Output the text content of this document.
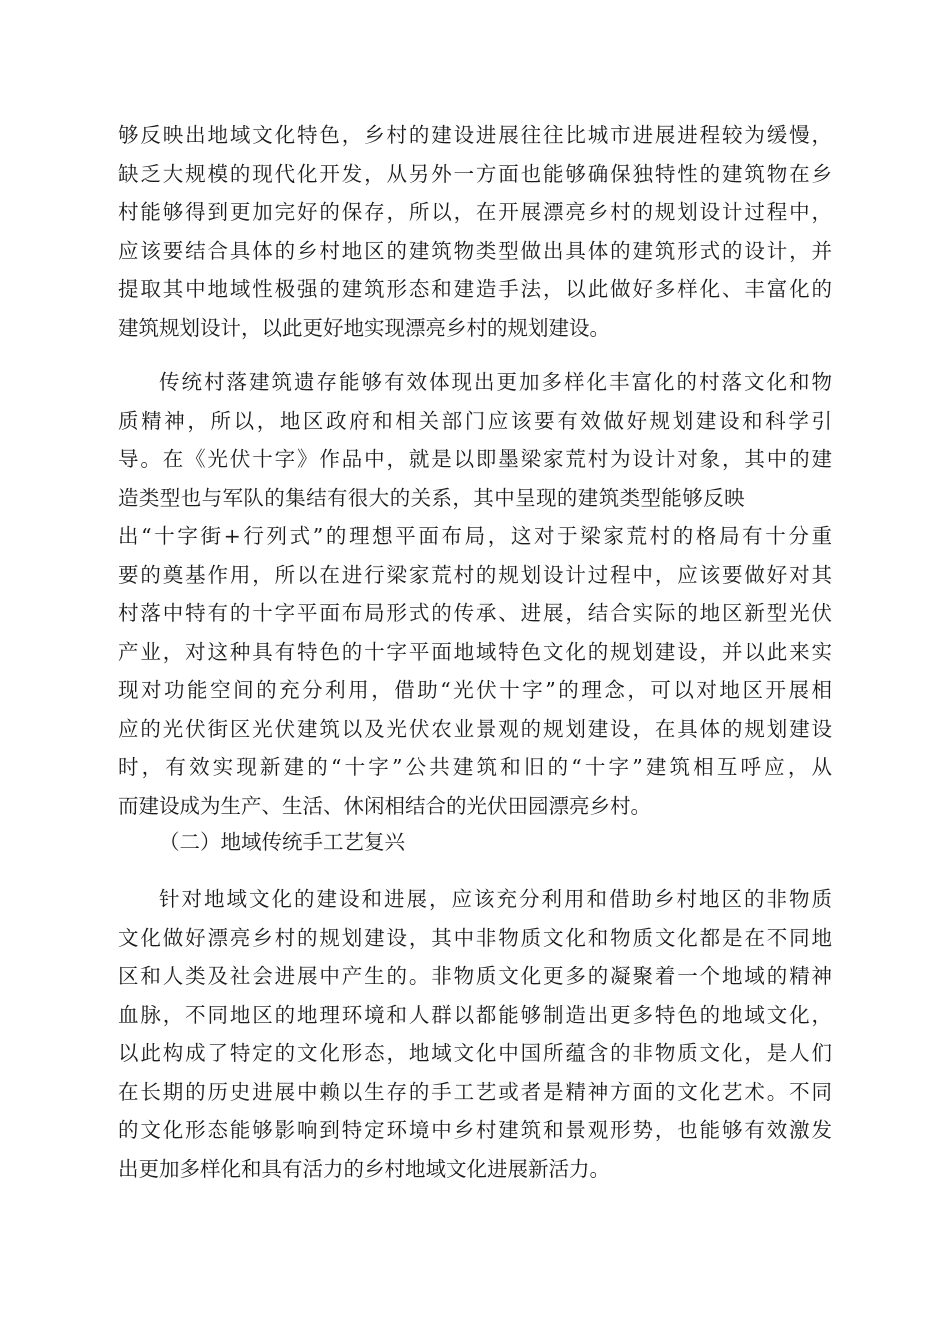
够反映出地域文化特色，乡村的建设进展往往比城市进展进程较为缓慢，
缺乏大规模的现代化开发，从另外一方面也能够确保独特性的建筑物在乡
村能够得到更加完好的保存，所以，在开展漂亮乡村的规划设计过程中，
应该要结合具体的乡村地区的建筑物类型做出具体的建筑形式的设计，并
提取其中地域性极强的建筑形态和建造手法，以此做好多样化、丰富化的
建筑规划设计，以此更好地实现漂亮乡村的规划建设。
传统村落建筑遗存能够有效体现出更加多样化丰富化的村落文化和物
质精神，所以，地区政府和相关部门应该要有效做好规划建设和科学引
导。在《光伏十字》作品中，就是以即墨梁家荒村为设计对象，其中的建
造类型也与军队的集结有很大的关系，其中呈现的建筑类型能够反映
出“十字街+行列式”的理想平面布局，这对于梁家荒村的格局有十分重
要的奠基作用，所以在进行梁家荒村的规划设计过程中，应该要做好对其
村落中特有的十字平面布局形式的传承、进展，结合实际的地区新型光伏
产业，对这种具有特色的十字平面地域特色文化的规划建设，并以此来实
现对功能空间的充分利用，借助“光伏十字”的理念，可以对地区开展相
应的光伏街区光伏建筑以及光伏农业景观的规划建设，在具体的规划建设
时，有效实现新建的“十字”公共建筑和旧的“十字”建筑相互呼应，从
而建设成为生产、生活、休闲相结合的光伏田园漂亮乡村。
（二）地域传统手工艺复兴
针对地域文化的建设和进展，应该充分利用和借助乡村地区的非物质
文化做好漂亮乡村的规划建设，其中非物质文化和物质文化都是在不同地
区和人类及社会进展中产生的。非物质文化更多的凝聚着一个地域的精神
血脉，不同地区的地理环境和人群以都能够制造出更多特色的地域文化，
以此构成了特定的文化形态，地域文化中国所蕴含的非物质文化，是人们
在长期的历史进展中赖以生存的手工艺或者是精神方面的文化艺术。不同
的文化形态能够影响到特定环境中乡村建筑和景观形势，也能够有效激发
出更加多样化和具有活力的乡村地域文化进展新活力。
